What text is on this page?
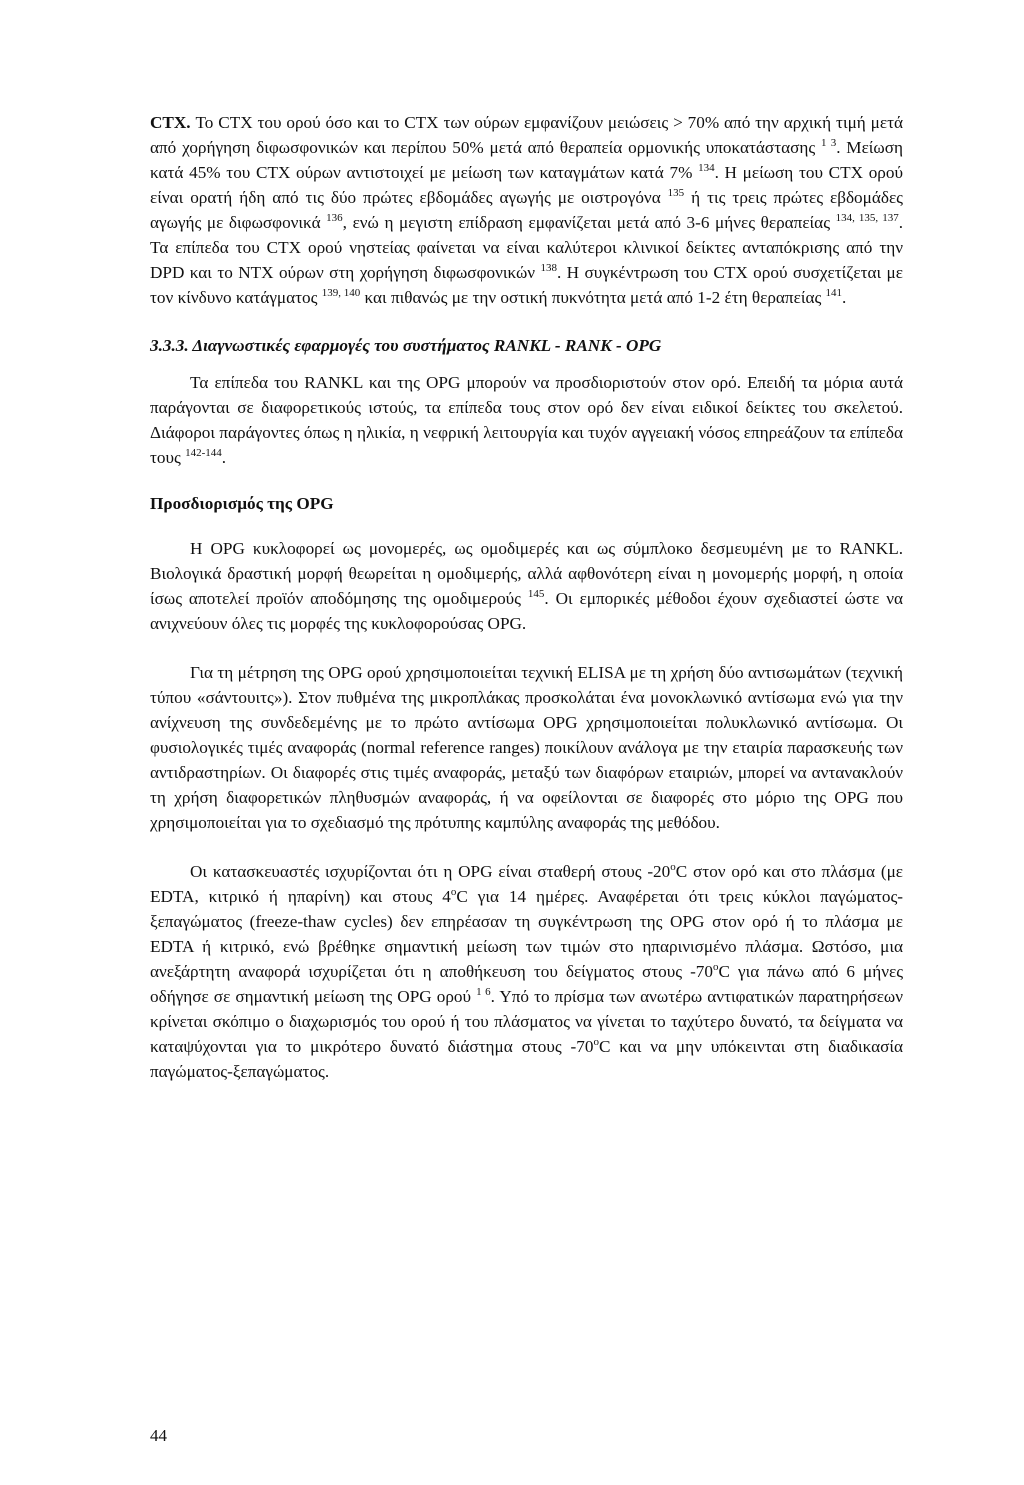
CTX. Το CTX του ορού όσο και το CTX των ούρων εμφανίζουν μειώσεις > 70% από την αρχική τιμή μετά από χορήγηση διφωσφονικών και περίπου 50% μετά από θεραπεία ορμονικής υποκατάστασης $^{1 3}$. Μείωση κατά 45% του CTX ούρων αντιστοιχεί με μείωση των καταγμάτων κατά 7% $^{134}$. Η μείωση του CTX ορού είναι ορατή ήδη από τις δύο πρώτες εβδομάδες αγωγής με οιστρογόνα $^{135}$ ή τις τρεις πρώτες εβδομάδες αγωγής με διφωσφονικά $^{136}$, ενώ η μεγιστη επίδραση εμφανίζεται μετά από 3-6 μήνες θεραπείας $^{134, 135, 137}$. Τα επίπεδα του CTX ορού νηστείας φαίνεται να είναι καλύτεροι κλινικοί δείκτες ανταπόκρισης από την DPD και το NTX ούρων στη χορήγηση διφωσφονικών $^{138}$. Η συγκέντρωση του CTX ορού συσχετίζεται με τον κίνδυνο κατάγματος $^{139, 140}$ και πιθανώς με την οστική πυκνότητα μετά από 1-2 έτη θεραπείας $^{141}$.

3.3.3. Διαγνωστικές εφαρμογές του συστήματος RANKL - RANK - OPG

Τα επίπεδα του RANKL και της OPG μπορούν να προσδιοριστούν στον ορό. Επειδή τα μόρια αυτά παράγονται σε διαφορετικούς ιστούς, τα επίπεδα τους στον ορό δεν είναι ειδικοί δείκτες του σκελετού. Διάφοροι παράγοντες όπως η ηλικία, η νεφρική λειτουργία και τυχόν αγγειακή νόσος επηρεάζουν τα επίπεδα τους $^{142-144}$.

Προσδιορισμός της OPG

Η OPG κυκλοφορεί ως μονομερές, ως ομοδιμερές και ως σύμπλοκο δεσμευμένη με το RANKL. Βιολογικά δραστική μορφή θεωρείται η ομοδιμερής, αλλά αφθονότερη είναι η μονομερής μορφή, η οποία ίσως αποτελεί προϊόν αποδόμησης της ομοδιμερούς $^{145}$. Οι εμπορικές μέθοδοι έχουν σχεδιαστεί ώστε να ανιχνεύουν όλες τις μορφές της κυκλοφορούσας OPG.

Για τη μέτρηση της OPG ορού χρησιμοποιείται τεχνική ELISA με τη χρήση δύο αντισωμάτων (τεχνική τύπου «σάντουιτς»). Στον πυθμένα της μικροπλάκας προσκολάται ένα μονοκλωνικό αντίσωμα ενώ για την ανίχνευση της συνδεδεμένης με το πρώτο αντίσωμα OPG χρησιμοποιείται πολυκλωνικό αντίσωμα. Οι φυσιολογικές τιμές αναφοράς (normal reference ranges) ποικίλουν ανάλογα με την εταιρία παρασκευής των αντιδραστηρίων. Οι διαφορές στις τιμές αναφοράς, μεταξύ των διαφόρων εταιριών, μπορεί να αντανακλούν τη χρήση διαφορετικών πληθυσμών αναφοράς, ή να οφείλονται σε διαφορές στο μόριο της OPG που χρησιμοποιείται για το σχεδιασμό της πρότυπης καμπύλης αναφοράς της μεθόδου.

Οι κατασκευαστές ισχυρίζονται ότι η OPG είναι σταθερή στους -20$^o$C στον ορό και στο πλάσμα (με EDTA, κιτρικό ή ηπαρίνη) και στους 4$^o$C για 14 ημέρες. Αναφέρεται ότι τρεις κύκλοι παγώματος-ξεπαγώματος (freeze-thaw cycles) δεν επηρέασαν τη συγκέντρωση της OPG στον ορό ή το πλάσμα με EDTA ή κιτρικό, ενώ βρέθηκε σημαντική μείωση των τιμών στο ηπαρινισμένο πλάσμα. Ωστόσο, μια ανεξάρτητη αναφορά ισχυρίζεται ότι η αποθήκευση του δείγματος στους -70$^o$C για πάνω από 6 μήνες οδήγησε σε σημαντική μείωση της OPG ορού $^{1 6}$. Υπό το πρίσμα των ανωτέρω αντιφατικών παρατηρήσεων κρίνεται σκόπιμο ο διαχωρισμός του ορού ή του πλάσματος να γίνεται το ταχύτερο δυνατό, τα δείγματα να καταψύχονται για το μικρότερο δυνατό διάστημα στους -70$^o$C και να μην υπόκεινται στη διαδικασία παγώματος-ξεπαγώματος.

44
